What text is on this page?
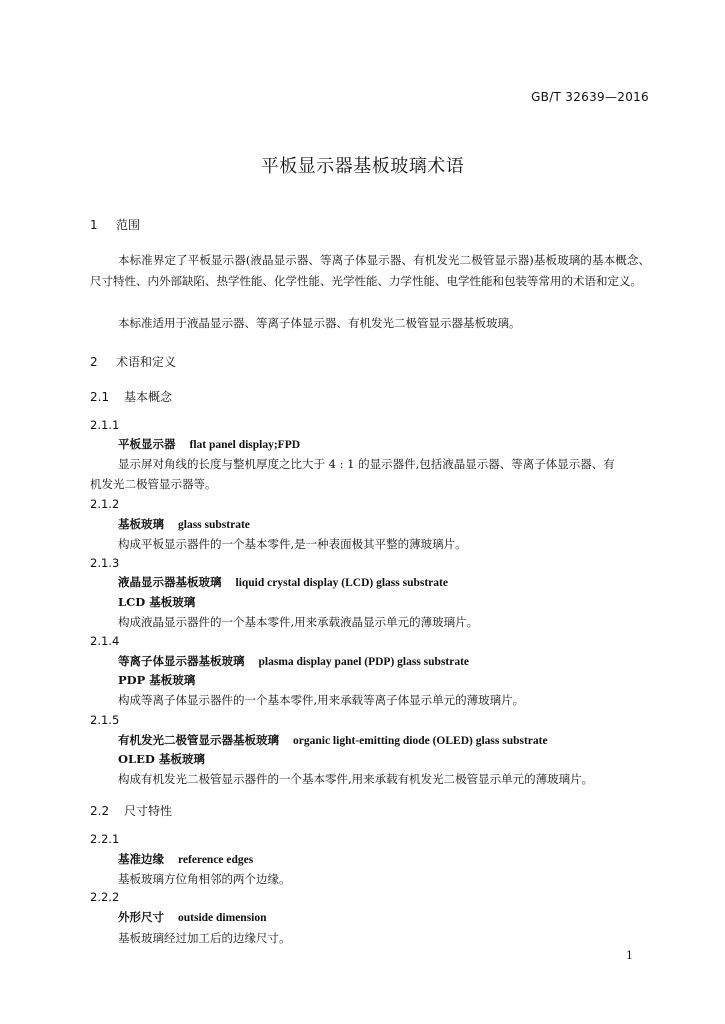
GB/T 32639—2016
平板显示器基板玻璃术语
1 范围
本标准界定了平板显示器(液晶显示器、等离子体显示器、有机发光二极管显示器)基板玻璃的基本概念、尺寸特性、内外部缺陷、热学性能、化学性能、光学性能、力学性能、电学性能和包装等常用的术语和定义。
本标准适用于液晶显示器、等离子体显示器、有机发光二极管显示器基板玻璃。
2 术语和定义
2.1 基本概念
2.1.1
平板显示器 flat panel display;FPD
显示屏对角线的长度与整机厚度之比大于 4 : 1 的显示器件,包括液晶显示器、等离子体显示器、有
机发光二极管显示器等。
2.1.2
基板玻璃 glass substrate
构成平板显示器件的一个基本零件,是一种表面极其平整的薄玻璃片。
2.1.3
液晶显示器基板玻璃 liquid crystal display (LCD) glass substrate
LCD 基板玻璃
构成液晶显示器件的一个基本零件,用来承载液晶显示单元的薄玻璃片。
2.1.4
等离子体显示器基板玻璃 plasma display panel (PDP) glass substrate
PDP 基板玻璃
构成等离子体显示器件的一个基本零件,用来承载等离子体显示单元的薄玻璃片。
2.1.5
有机发光二极管显示器基板玻璃 organic light-emitting diode (OLED) glass substrate
OLED 基板玻璃
构成有机发光二极管显示器件的一个基本零件,用来承载有机发光二极管显示单元的薄玻璃片。
2.2 尺寸特性
2.2.1
基准边缘 reference edges
基板玻璃方位角相邻的两个边缘。
2.2.2
外形尺寸 outside dimension
基板玻璃经过加工后的边缘尺寸。
1
